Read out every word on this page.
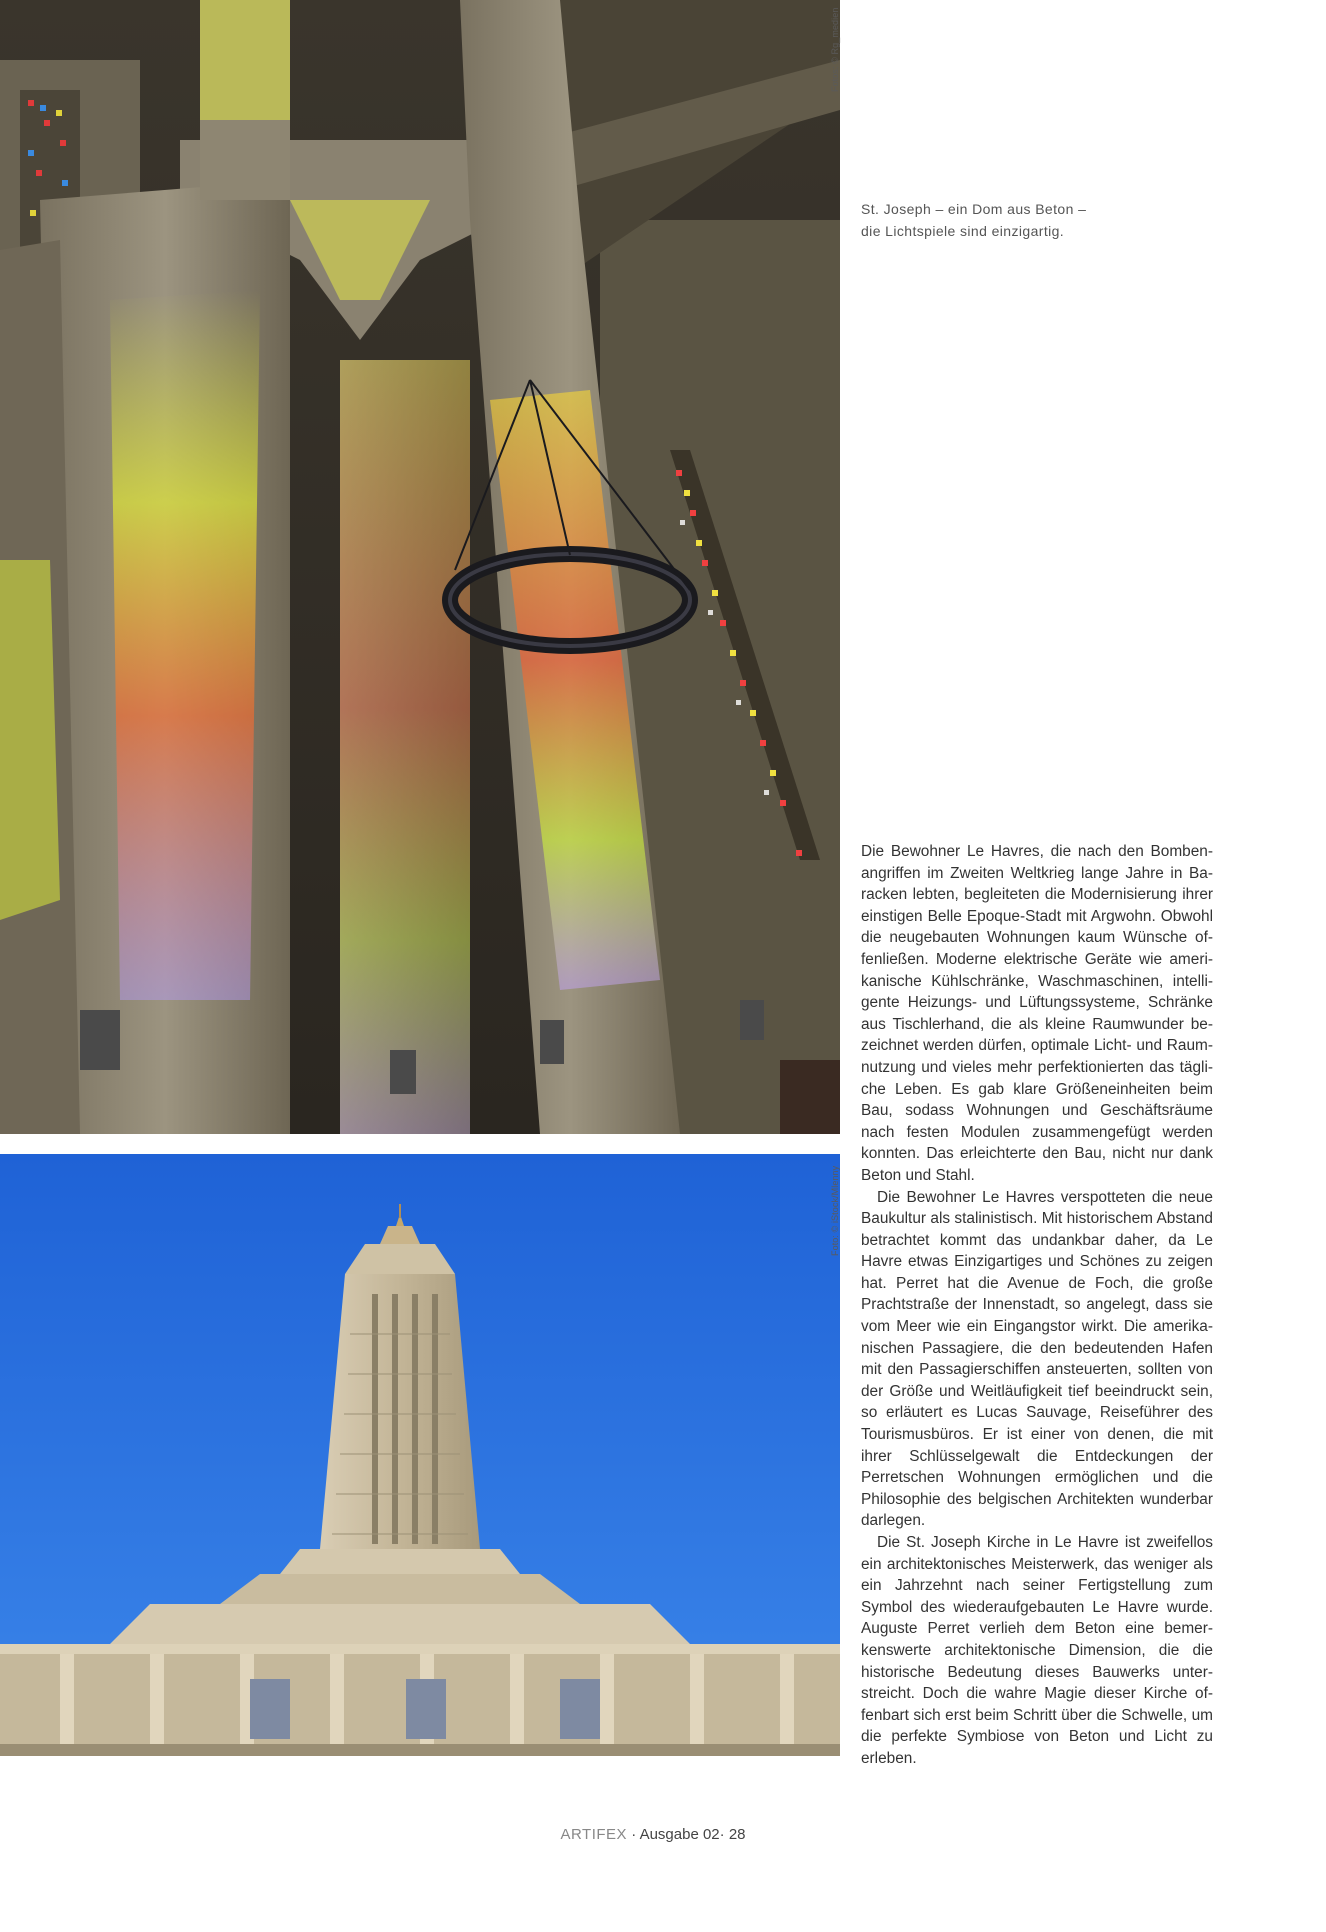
Fotos: © Rg_medien
Foto: © iStock/Mlenny
St. Joseph – ein Dom aus Beton –
die Lichtspiele sind einzigartig.

Die Bewohner Le Havres, die nach den Bombenangriffen im Zweiten Weltkrieg lange Jahre in Baracken lebten, begleiteten die Modernisierung ihrer einstigen Belle Epoque-Stadt mit Argwohn. Obwohl die neugebauten Wohnungen kaum Wünsche offenließen. Moderne elektrische Geräte wie amerikanische Kühlschränke, Waschmaschinen, intelligente Heizungs- und Lüftungssysteme, Schränke aus Tischlerhand, die als kleine Raumwunder bezeichnet werden dürfen, optimale Licht- und Raumnutzung und vieles mehr perfektionierten das tägliche Leben. Es gab klare Größeneinheiten beim Bau, sodass Wohnungen und Geschäftsräume nach festen Modulen zusammengefügt werden konnten. Das erleichterte den Bau, nicht nur dank Beton und Stahl.

Die Bewohner Le Havres verspotteten die neue Baukultur als stalinistisch. Mit historischem Abstand betrachtet kommt das undankbar daher, da Le Havre etwas Einzigartiges und Schönes zu zeigen hat. Perret hat die Avenue de Foch, die große Prachtstraße der Innenstadt, so angelegt, dass sie vom Meer wie ein Eingangstor wirkt. Die amerikanischen Passagiere, die den bedeutenden Hafen mit den Passagierschiffen ansteuerten, sollten von der Größe und Weitläufigkeit tief beeindruckt sein, so erläutert es Lucas Sauvage, Reiseführer des Tourismusbüros. Er ist einer von denen, die mit ihrer Schlüsselgewalt die Entdeckungen der Perretschen Wohnungen ermöglichen und die Philosophie des belgischen Architekten wunderbar darlegen.

Die St. Joseph Kirche in Le Havre ist zweifellos ein architektonisches Meisterwerk, das weniger als ein Jahrzehnt nach seiner Fertigstellung zum Symbol des wiederaufgebauten Le Havre wurde. Auguste Perret verlieh dem Beton eine bemerkenswerte architektonische Dimension, die die historische Bedeutung dieses Bauwerks unterstreicht. Doch die wahre Magie dieser Kirche offenbart sich erst beim Schritt über die Schwelle, um die perfekte Symbiose von Beton und Licht zu erleben.

ARTIFEX · Ausgabe 02· 28
